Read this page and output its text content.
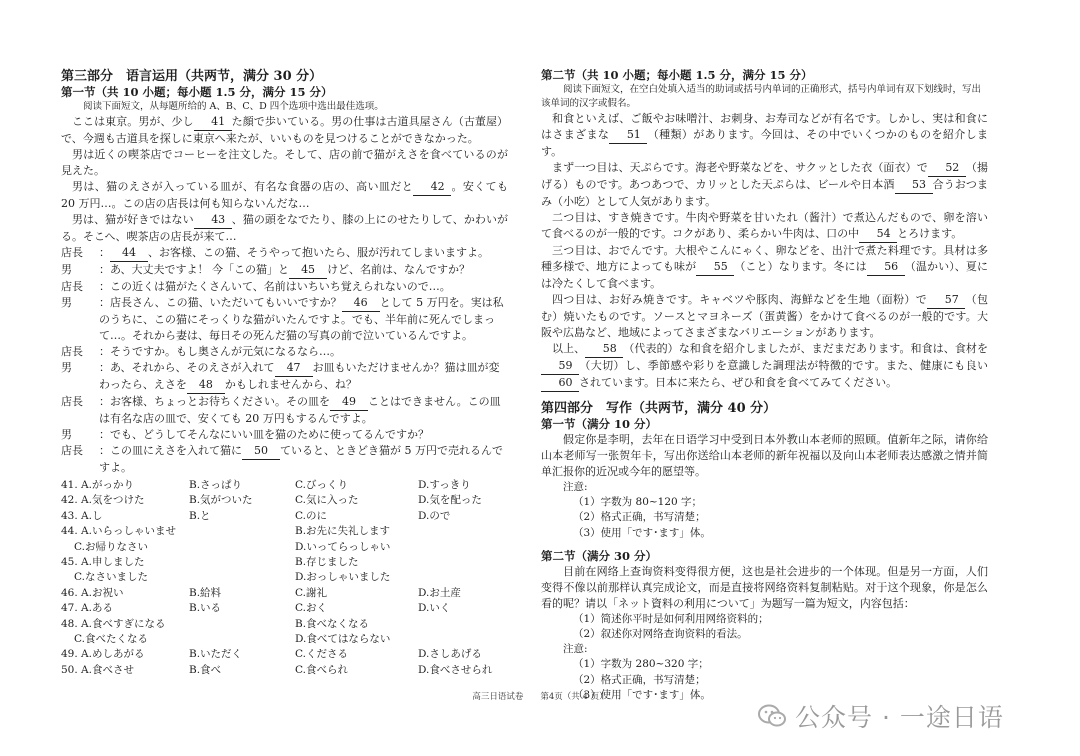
第三部分　语言运用（共两节，满分 30 分）
第一节（共 10 小题；每小题 1.5 分，满分 15 分）
阅读下面短文，从每题所给的 A、B、C、D 四个选项中选出最佳选项。

ここは東京。男が、少し 41 た顔で歩いている。男の仕事は古道具屋さん（古董屋）で、今週も古道具を探しに東京へ来たが、いいものを見つけることができなかった。

男は近くの喫茶店でコーヒーを注文した。そして、店の前で猫がえさを食べているのが見えた。

男は、猫のえさが入っている皿が、有名な食器の店の、高い皿だと 42 。安くても 20 万円…。この店の店長は何も知らないんだな…

男は、猫が好きではない 43 、猫の頭をなでたり、膝の上にのせたりして、かわいがる。そこへ、喫茶店の店長が来て…

店長	： 44 、お客様、この猫、そうやって抱いたら、服が汚れてしまいますよ。
男	：あ、大丈夫ですよ！ 今「この猫」と 45 けど、名前は、なんですか？
店長	：この近くは猫がたくさんいて、名前はいちいち覚えられないので…。
男	：店長さん、この猫、いただいてもいいですか？ 46 として 5 万円を。実は私のうちに、この猫にそっくりな猫がいたんですよ。でも、半年前に死んでしまって…。それから妻は、毎日その死んだ猫の写真の前で泣いているんですよ。
店長	：そうですか。もし奥さんが元気になるなら…。
男	：あ、それから、そのえさが入れて 47 お皿もいただけませんか？猫は皿が変わったら、えさを 48 かもしれませんから、ね？
店長	：お客様、ちょっとお待ちください。その皿を 49 ことはできません。この皿は有名な店の皿で、安くても 20 万円もするんですよ。
男	：でも、どうしてそんなにいい皿を猫のために使ってるんですか？
店長	：この皿にえさを入れて猫に 50 ていると、ときどき猫が 5 万円で売れるんですよ。
41. A.がっかり	B.さっぱり	C.びっくり	D.すっきり
42. A.気をつけた	B.気がついた	C.気に入った	D.気を配った
43. A.し	B.と	C.のに	D.ので
44. A.いらっしゃいませ	B.お先に失礼します
C.お帰りなさい	D.いってらっしゃい
45. A.申しました	B.存じました
C.なさいました	D.おっしゃいました
46. A.お祝い	B.給料	C.謝礼	D.お土産
47. A.ある	B.いる	C.おく	D.いく
48. A.食べすぎになる	B.食べなくなる
C.食べたくなる	D.食べてはならない
49. A.めしあがる	B.いただく	C.くださる	D.さしあげる
50. A.食べさせ	B.食べ	C.食べられ	D.食べさせられ
第二节（共 10 小题；每小题 1.5 分，满分 15 分）
阅读下面短文，在空白处填入适当的助词或括号内单词的正确形式，括号内单词有双下划线时，写出该单词的汉字或假名。

和食といえば、ご飯やお味噌汁、お刺身、お寿司などが有名です。しかし、実は和食にはさまざまな 51 （種類）があります。今回は、その中でいくつかのものを紹介します。

まず一つ目は、天ぷらです。海老や野菜などを、サクッとした衣（面衣）で 52 （揚げる）ものです。あつあつで、カリッとした天ぷらは、ビールや日本酒 53 合うおつまみ（小吃）として人気があります。

二つ目は、すき焼きです。牛肉や野菜を甘いたれ（酱汁）で煮込んだもので、卵を溶いて食べるのが一般的です。コクがあり、柔らかい牛肉は、口の中 54 とろけます。

三つ目は、おでんです。大根やこんにゃく、卵などを、出汁で煮た料理です。具材は多種多様で、地方によっても味が 55 （こと）なります。冬には 56 （温かい）、夏には冷たくして食べます。

四つ目は、お好み焼きです。キャベツや豚肉、海鮮などを生地（面粉）で 57 （包む）焼いたものです。ソースとマヨネーズ（蛋黄酱）をかけて食べるのが一般的です。大阪や広島など、地域によってさまざまなバリエーションがあります。

以上、 58 （代表的）な和食を紹介しましたが、まだまだあります。和食は、食材を59 （大切）し、季節感や彩りを意識した調理法が特徴的です。また、健康にも良い60 されています。日本に来たら、ぜひ和食を食べてみてください。

第四部分　写作（共两节，满分 40 分）
第一节（满分 10 分）

假定你是李明，去年在日语学习中受到日本外教山本老师的照顾。值新年之际，请你给山本老师写一张贺年卡，写出你送给山本老师的新年祝福以及向山本老师表达感激之情并简单汇报你的近况或今年的愿望等。

注意:
（1）字数为 80~120 字；
（2）格式正确，书写清楚；
（3）使用「です･ます」体。
第二节（满分 30 分）

目前在网络上查询资料变得很方便，这也是社会进步的一个体现。但是另一方面，人们变得不像以前那样认真完成论文，而是直接将网络资料复制粘贴。对于这个现象，你是怎么看的呢？请以「ネット資料の利用について」为题写一篇为短文，内容包括：

（1）简述你平时是如何利用网络资料的；
（2）叙述你对网络查询资料的看法。
注意:
（1）字数为 280~320 字；
（2）格式正确，书写清楚；
（3）使用「です･ます」体。
高三日语试卷　　第4页（共 4 页）
公众号 · 一途日语
